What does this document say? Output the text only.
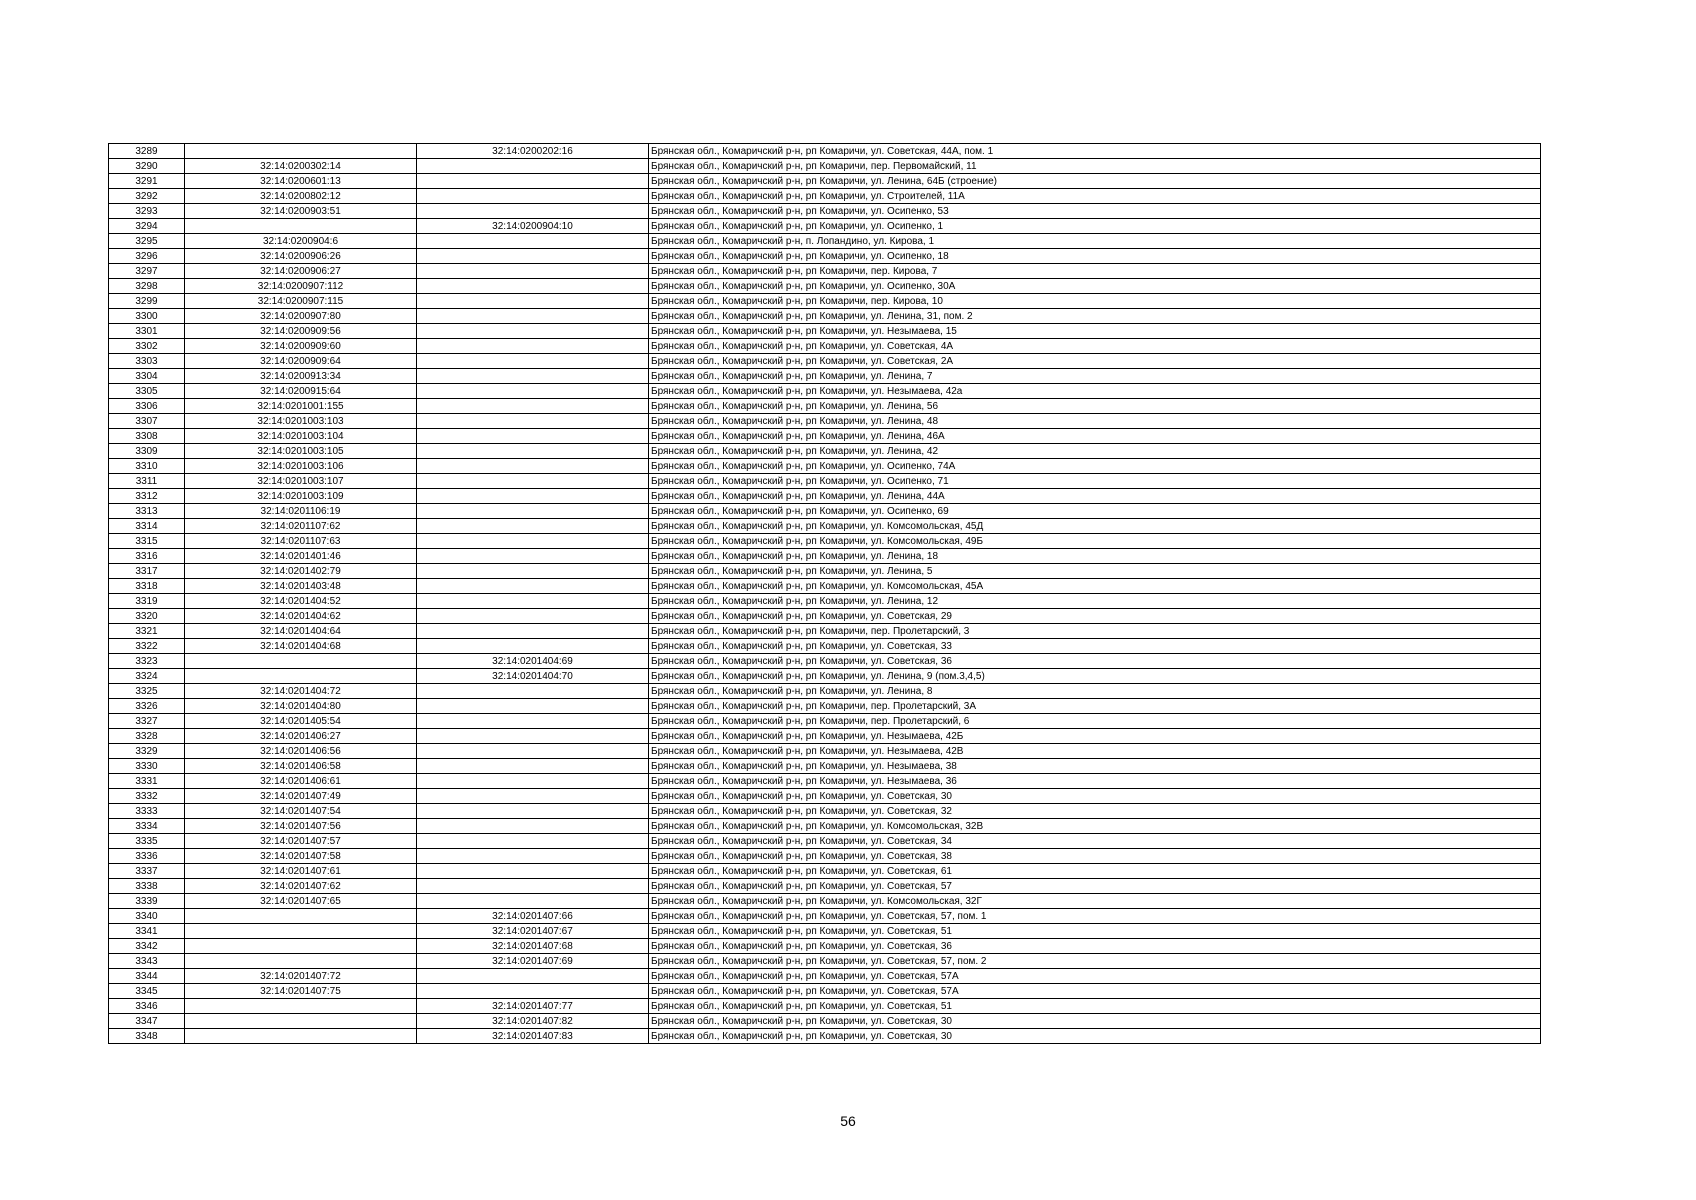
3289		32:14:0200202:16	Брянская обл., Комаричский р-н, рп Комаричи, ул. Советская, 44А, пом. 1
3290	32:14:0200302:14		Брянская обл., Комаричский р-н, рп Комаричи, пер. Первомайский, 11
3291	32:14:0200601:13		Брянская обл., Комаричский р-н, рп Комаричи, ул. Ленина, 64Б (строение)
3292	32:14:0200802:12		Брянская обл., Комаричский р-н, рп Комаричи, ул. Строителей, 11А
3293	32:14:0200903:51		Брянская обл., Комаричский р-н, рп Комаричи, ул. Осипенко, 53
3294		32:14:0200904:10	Брянская обл., Комаричский р-н, рп Комаричи, ул. Осипенко, 1
3295	32:14:0200904:6		Брянская обл., Комаричский р-н, п. Лопандино, ул. Кирова, 1
3296	32:14:0200906:26		Брянская обл., Комаричский р-н, рп Комаричи, ул. Осипенко, 18
3297	32:14:0200906:27		Брянская обл., Комаричский р-н, рп Комаричи, пер. Кирова, 7
3298	32:14:0200907:112		Брянская обл., Комаричский р-н, рп Комаричи, ул. Осипенко, 30А
3299	32:14:0200907:115		Брянская обл., Комаричский р-н, рп Комаричи, пер. Кирова, 10
3300	32:14:0200907:80		Брянская обл., Комаричский р-н, рп Комаричи, ул. Ленина, 31, пом. 2
3301	32:14:0200909:56		Брянская обл., Комаричский р-н, рп Комаричи, ул. Незымаева, 15
3302	32:14:0200909:60		Брянская обл., Комаричский р-н, рп Комаричи, ул. Советская, 4А
3303	32:14:0200909:64		Брянская обл., Комаричский р-н, рп Комаричи, ул. Советская, 2А
3304	32:14:0200913:34		Брянская обл., Комаричский р-н, рп Комаричи, ул. Ленина, 7
3305	32:14:0200915:64		Брянская обл., Комаричский р-н, рп Комаричи, ул. Незымаева, 42а
3306	32:14:0201001:155		Брянская обл., Комаричский р-н, рп Комаричи, ул. Ленина, 56
3307	32:14:0201003:103		Брянская обл., Комаричский р-н, рп Комаричи, ул. Ленина, 48
3308	32:14:0201003:104		Брянская обл., Комаричский р-н, рп Комаричи, ул. Ленина, 46А
3309	32:14:0201003:105		Брянская обл., Комаричский р-н, рп Комаричи, ул. Ленина, 42
3310	32:14:0201003:106		Брянская обл., Комаричский р-н, рп Комаричи, ул. Осипенко, 74А
3311	32:14:0201003:107		Брянская обл., Комаричский р-н, рп Комаричи, ул. Осипенко, 71
3312	32:14:0201003:109		Брянская обл., Комаричский р-н, рп Комаричи, ул. Ленина, 44А
3313	32:14:0201106:19		Брянская обл., Комаричский р-н, рп Комаричи, ул. Осипенко, 69
3314	32:14:0201107:62		Брянская обл., Комаричский р-н, рп Комаричи, ул. Комсомольская, 45Д
3315	32:14:0201107:63		Брянская обл., Комаричский р-н, рп Комаричи, ул. Комсомольская, 49Б
3316	32:14:0201401:46		Брянская обл., Комаричский р-н, рп Комаричи, ул. Ленина, 18
3317	32:14:0201402:79		Брянская обл., Комаричский р-н, рп Комаричи, ул. Ленина, 5
3318	32:14:0201403:48		Брянская обл., Комаричский р-н, рп Комаричи, ул. Комсомольская, 45А
3319	32:14:0201404:52		Брянская обл., Комаричский р-н, рп Комаричи, ул. Ленина, 12
3320	32:14:0201404:62		Брянская обл., Комаричский р-н, рп Комаричи, ул. Советская, 29
3321	32:14:0201404:64		Брянская обл., Комаричский р-н, рп Комаричи, пер. Пролетарский, 3
3322	32:14:0201404:68		Брянская обл., Комаричский р-н, рп Комаричи, ул. Советская, 33
3323		32:14:0201404:69	Брянская обл., Комаричский р-н, рп Комаричи, ул. Советская, 36
3324		32:14:0201404:70	Брянская обл., Комаричский р-н, рп Комаричи, ул. Ленина, 9 (пом.3,4,5)
3325	32:14:0201404:72		Брянская обл., Комаричский р-н, рп Комаричи, ул. Ленина, 8
3326	32:14:0201404:80		Брянская обл., Комаричский р-н, рп Комаричи, пер. Пролетарский, 3А
3327	32:14:0201405:54		Брянская обл., Комаричский р-н, рп Комаричи, пер. Пролетарский, 6
3328	32:14:0201406:27		Брянская обл., Комаричский р-н, рп Комаричи, ул. Незымаева, 42Б
3329	32:14:0201406:56		Брянская обл., Комаричский р-н, рп Комаричи, ул. Незымаева, 42В
3330	32:14:0201406:58		Брянская обл., Комаричский р-н, рп Комаричи, ул. Незымаева, 38
3331	32:14:0201406:61		Брянская обл., Комаричский р-н, рп Комаричи, ул. Незымаева, 36
3332	32:14:0201407:49		Брянская обл., Комаричский р-н, рп Комаричи, ул. Советская, 30
3333	32:14:0201407:54		Брянская обл., Комаричский р-н, рп Комаричи, ул. Советская, 32
3334	32:14:0201407:56		Брянская обл., Комаричский р-н, рп Комаричи, ул. Комсомольская, 32В
3335	32:14:0201407:57		Брянская обл., Комаричский р-н, рп Комаричи, ул. Советская, 34
3336	32:14:0201407:58		Брянская обл., Комаричский р-н, рп Комаричи, ул. Советская, 38
3337	32:14:0201407:61		Брянская обл., Комаричский р-н, рп Комаричи, ул. Советская, 61
3338	32:14:0201407:62		Брянская обл., Комаричский р-н, рп Комаричи, ул. Советская, 57
3339	32:14:0201407:65		Брянская обл., Комаричский р-н, рп Комаричи, ул. Комсомольская, 32Г
3340		32:14:0201407:66	Брянская обл., Комаричский р-н, рп Комаричи, ул. Советская, 57, пом. 1
3341		32:14:0201407:67	Брянская обл., Комаричский р-н, рп Комаричи, ул. Советская, 51
3342		32:14:0201407:68	Брянская обл., Комаричский р-н, рп Комаричи, ул. Советская, 36
3343		32:14:0201407:69	Брянская обл., Комаричский р-н, рп Комаричи, ул. Советская, 57, пом. 2
3344	32:14:0201407:72		Брянская обл., Комаричский р-н, рп Комаричи, ул. Советская, 57А
3345	32:14:0201407:75		Брянская обл., Комаричский р-н, рп Комаричи, ул. Советская, 57А
3346		32:14:0201407:77	Брянская обл., Комаричский р-н, рп Комаричи, ул. Советская, 51
3347		32:14:0201407:82	Брянская обл., Комаричский р-н, рп Комаричи, ул. Советская, 30
3348		32:14:0201407:83	Брянская обл., Комаричский р-н, рп Комаричи, ул. Советская, 30
56
